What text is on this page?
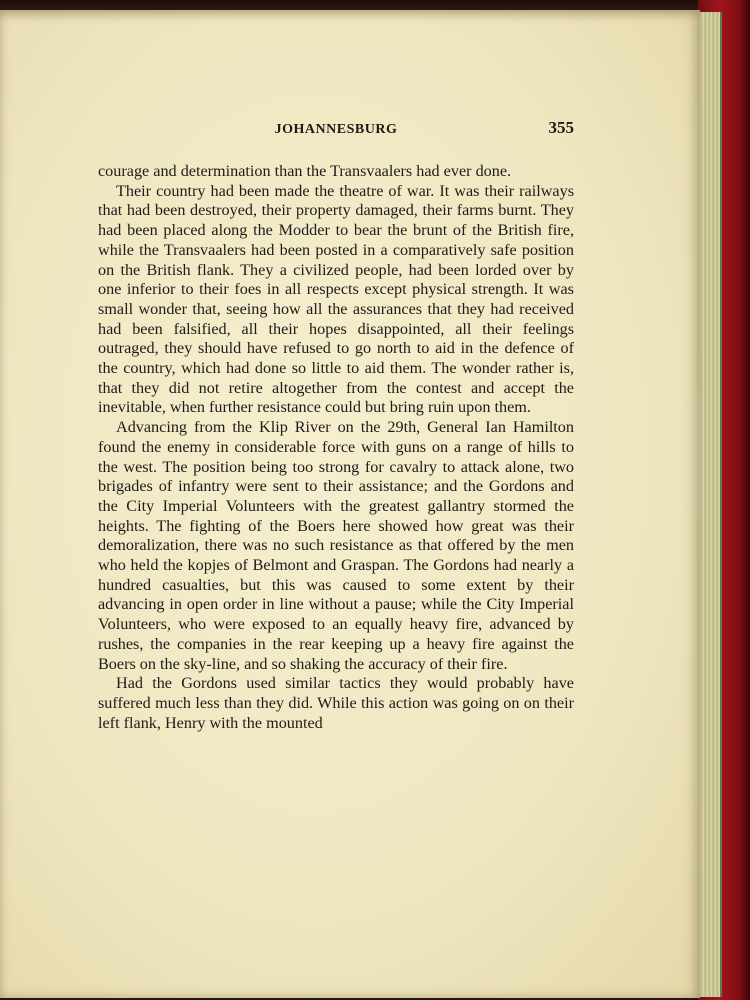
JOHANNESBURG	355

courage and determination than the Transvaalers had ever done.

Their country had been made the theatre of war. It was their railways that had been destroyed, their property damaged, their farms burnt. They had been placed along the Modder to bear the brunt of the British fire, while the Transvaalers had been posted in a comparatively safe position on the British flank. They a civilized people, had been lorded over by one inferior to their foes in all respects except physical strength. It was small wonder that, seeing how all the assurances that they had received had been falsified, all their hopes disappointed, all their feelings outraged, they should have refused to go north to aid in the defence of the country, which had done so little to aid them. The wonder rather is, that they did not retire altogether from the contest and accept the inevitable, when further resistance could but bring ruin upon them.

Advancing from the Klip River on the 29th, General Ian Hamilton found the enemy in considerable force with guns on a range of hills to the west. The position being too strong for cavalry to attack alone, two brigades of infantry were sent to their assistance; and the Gordons and the City Imperial Volunteers with the greatest gallantry stormed the heights. The fighting of the Boers here showed how great was their demoralization, there was no such resistance as that offered by the men who held the kopjes of Belmont and Graspan. The Gordons had nearly a hundred casualties, but this was caused to some extent by their advancing in open order in line without a pause; while the City Imperial Volunteers, who were exposed to an equally heavy fire, advanced by rushes, the companies in the rear keeping up a heavy fire against the Boers on the sky-line, and so shaking the accuracy of their fire.

Had the Gordons used similar tactics they would probably have suffered much less than they did. While this action was going on on their left flank, Henry with the mounted
